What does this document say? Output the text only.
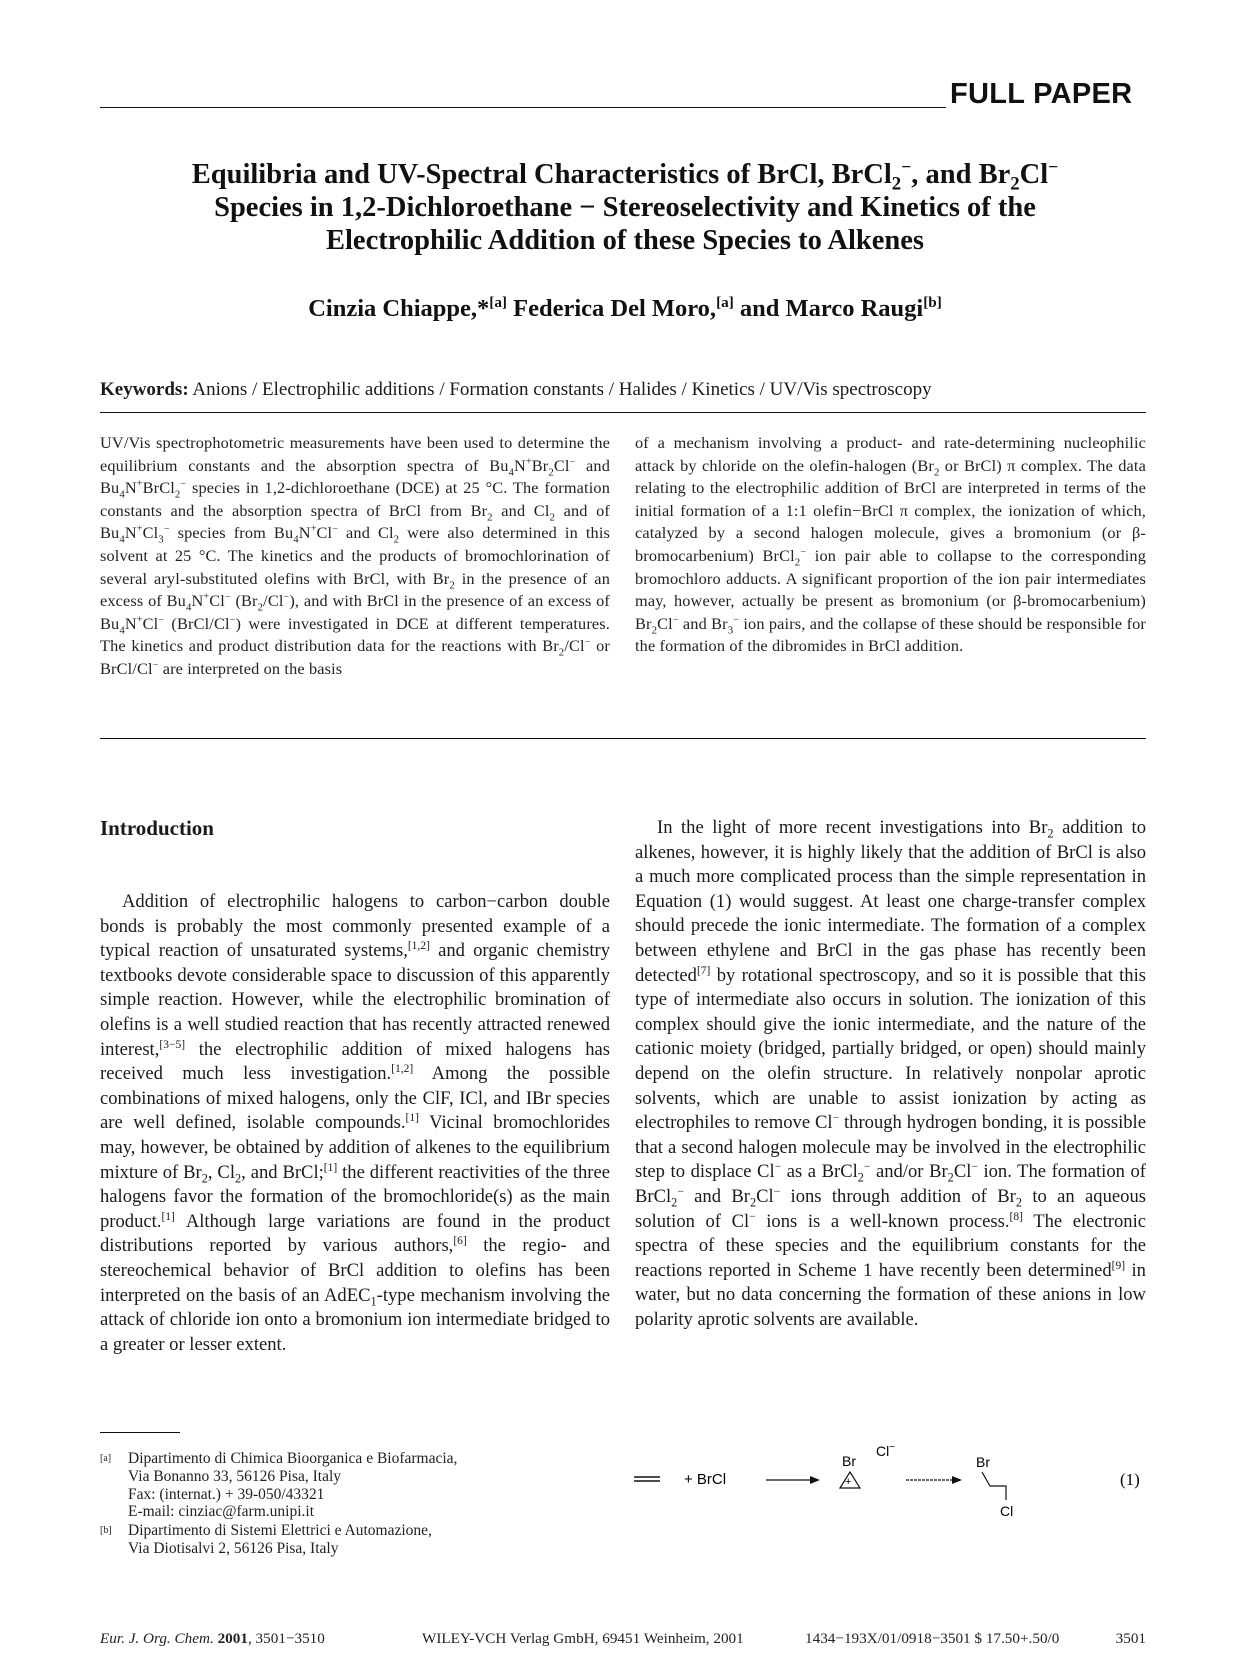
FULL PAPER
Equilibria and UV-Spectral Characteristics of BrCl, BrCl$_2$−, and $Br_2Cl^-$
Species in 1,2-Dichloroethane − Stereoselectivity and Kinetics of the
Electrophilic Addition of these Species to Alkenes
Cinzia Chiappe,*[a] Federica Del Moro,[a] and Marco Raugi[b]
Keywords: Anions / Electrophilic additions / Formation constants / Halides / Kinetics / UV/Vis spectroscopy
UV/Vis spectrophotometric measurements have been used to determine the equilibrium constants and the absorption spectra of $Bu_4N^+Br_2Cl^-$ and $Bu_4N^+BrCl_2^-$ species in 1,2-dichloroethane (DCE) at 25 °C. The formation constants and the absorption spectra of BrCl from $Br_2$ and $Cl_2$ and of $Bu_4N^+Cl_3^-$ species from $Bu_4N^+Cl^-$ and $Cl_2$ were also determined in this solvent at 25 °C. The kinetics and the products of bromochlorination of several aryl-substituted olefins with BrCl, with $Br_2$ in the presence of an excess of $Bu_4N^+Cl^-$ $(Br_2/Cl^-)$, and with BrCl in the presence of an excess of $Bu_4N^+Cl^-$ (BrCl/Cl−) were investigated in DCE at different temperatures. The kinetics and product distribution data for the reactions with $Br_2/Cl^-$ or BrCl/Cl− are interpreted on the basis
of a mechanism involving a product- and rate-determining nucleophilic attack by chloride on the olefin-halogen ($Br_2$ or BrCl) π complex. The data relating to the electrophilic addition of BrCl are interpreted in terms of the initial formation of a 1:1 olefin−BrCl π complex, the ionization of which, catalyzed by a second halogen molecule, gives a bromonium (or β-bromocarbenium) BrCl$_2$− ion pair able to collapse to the corresponding bromochloro adducts. A significant proportion of the ion pair intermediates may, however, actually be present as bromonium (or β-bromocarbenium) $Br_2Cl^-$ and $Br_3^-$ ion pairs, and the collapse of these should be responsible for the formation of the dibromides in BrCl addition.
Introduction
Addition of electrophilic halogens to carbon−carbon double bonds is probably the most commonly presented example of a typical reaction of unsaturated systems,[1,2] and organic chemistry textbooks devote considerable space to discussion of this apparently simple reaction. However, while the electrophilic bromination of olefins is a well studied reaction that has recently attracted renewed interest,[3−5] the electrophilic addition of mixed halogens has received much less investigation.[1,2] Among the possible combinations of mixed halogens, only the ClF, ICl, and IBr species are well defined, isolable compounds.[1] Vicinal bromochlorides may, however, be obtained by addition of alkenes to the equilibrium mixture of $Br_2$, $Cl_2$, and BrCl;[1] the different reactivities of the three halogens favor the formation of the bromochloride(s) as the main product.[1] Although large variations are found in the product distributions reported by various authors,[6] the regio- and stereochemical behavior of BrCl addition to olefins has been interpreted on the basis of an AdEC$_1$-type mechanism involving the attack of chloride ion onto a bromonium ion intermediate bridged to a greater or lesser extent.
In the light of more recent investigations into $Br_2$ addition to alkenes, however, it is highly likely that the addition of BrCl is also a much more complicated process than the simple representation in Equation (1) would suggest. At least one charge-transfer complex should precede the ionic intermediate. The formation of a complex between ethylene and BrCl in the gas phase has recently been detected[7] by rotational spectroscopy, and so it is possible that this type of intermediate also occurs in solution. The ionization of this complex should give the ionic intermediate, and the nature of the cationic moiety (bridged, partially bridged, or open) should mainly depend on the olefin structure. In relatively nonpolar aprotic solvents, which are unable to assist ionization by acting as electrophiles to remove Cl− through hydrogen bonding, it is possible that a second halogen molecule may be involved in the electrophilic step to displace Cl− as a BrCl$_2$− and/or $Br_2Cl^-$ ion. The formation of BrCl$_2$− and $Br_2Cl^-$ ions through addition of $Br_2$ to an aqueous solution of Cl− ions is a well-known process.[8] The electronic spectra of these species and the equilibrium constants for the reactions reported in Scheme 1 have recently been determined[9] in water, but no data concerning the formation of these anions in low polarity aprotic solvents are available.
[a] Dipartimento di Chimica Bioorganica e Biofarmacia,
Via Bonanno 33, 56126 Pisa, Italy
Fax: (internat.) + 39-050/43321
E-mail: cinziac@farm.unipi.it
[b] Dipartimento di Sistemi Elettrici e Automazione,
Via Diotisalvi 2, 56126 Pisa, Italy
+ BrCl
Br
Cl−
+
Br
Cl
(1)
Eur. J. Org. Chem. 2001, 3501−3510	WILEY-VCH Verlag GmbH, 69451 Weinheim, 2001	1434−193X/01/0918−3501 $ 17.50+.50/0	3501
